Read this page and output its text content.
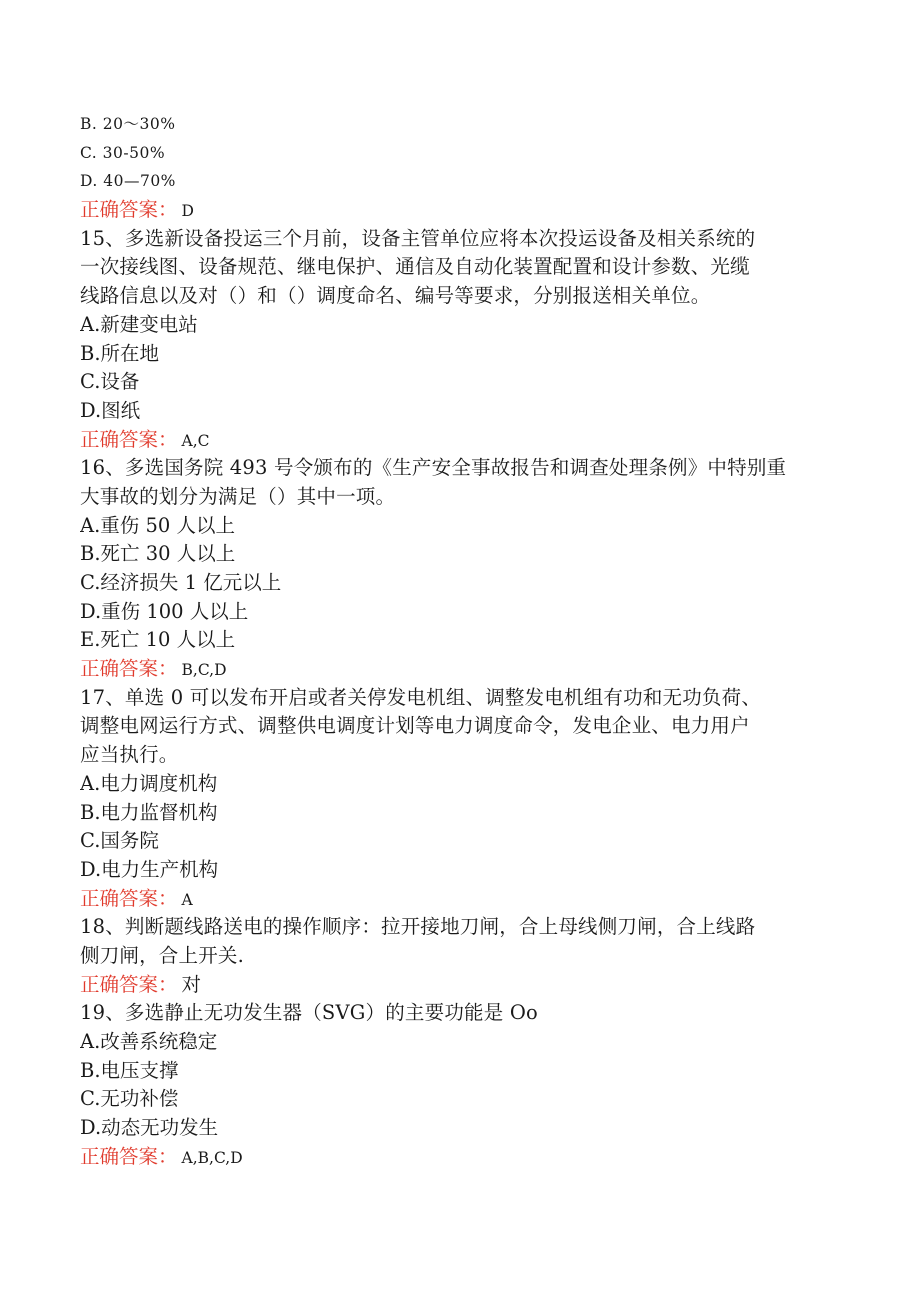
B. 20～30%
C. 30-50%
D. 40—70%
正确答案： D
15、多选新设备投运三个月前，设备主管单位应将本次投运设备及相关系统的
一次接线图、设备规范、继电保护、通信及自动化装置配置和设计参数、光缆
线路信息以及对（）和（）调度命名、编号等要求，分别报送相关单位。
A.新建变电站
B.所在地
C.设备
D.图纸
正确答案： A,C
16、多选国务院 493 号令颁布的《生产安全事故报告和调查处理条例》中特别重
大事故的划分为满足（）其中一项。
A.重伤 50 人以上
B.死亡 30 人以上
C.经济损失 1 亿元以上
D.重伤 100 人以上
E.死亡 10 人以上
正确答案： B,C,D
17、单选 0 可以发布开启或者关停发电机组、调整发电机组有功和无功负荷、
调整电网运行方式、调整供电调度计划等电力调度命令，发电企业、电力用户
应当执行。
A.电力调度机构
B.电力监督机构
C.国务院
D.电力生产机构
正确答案： A
18、判断题线路送电的操作顺序：拉开接地刀闸，合上母线侧刀闸，合上线路
侧刀闸，合上开关.
正确答案： 对
19、多选静止无功发生器（SVG）的主要功能是 Oo
A.改善系统稳定
B.电压支撑
C.无功补偿
D.动态无功发生
正确答案： A,B,C,D
